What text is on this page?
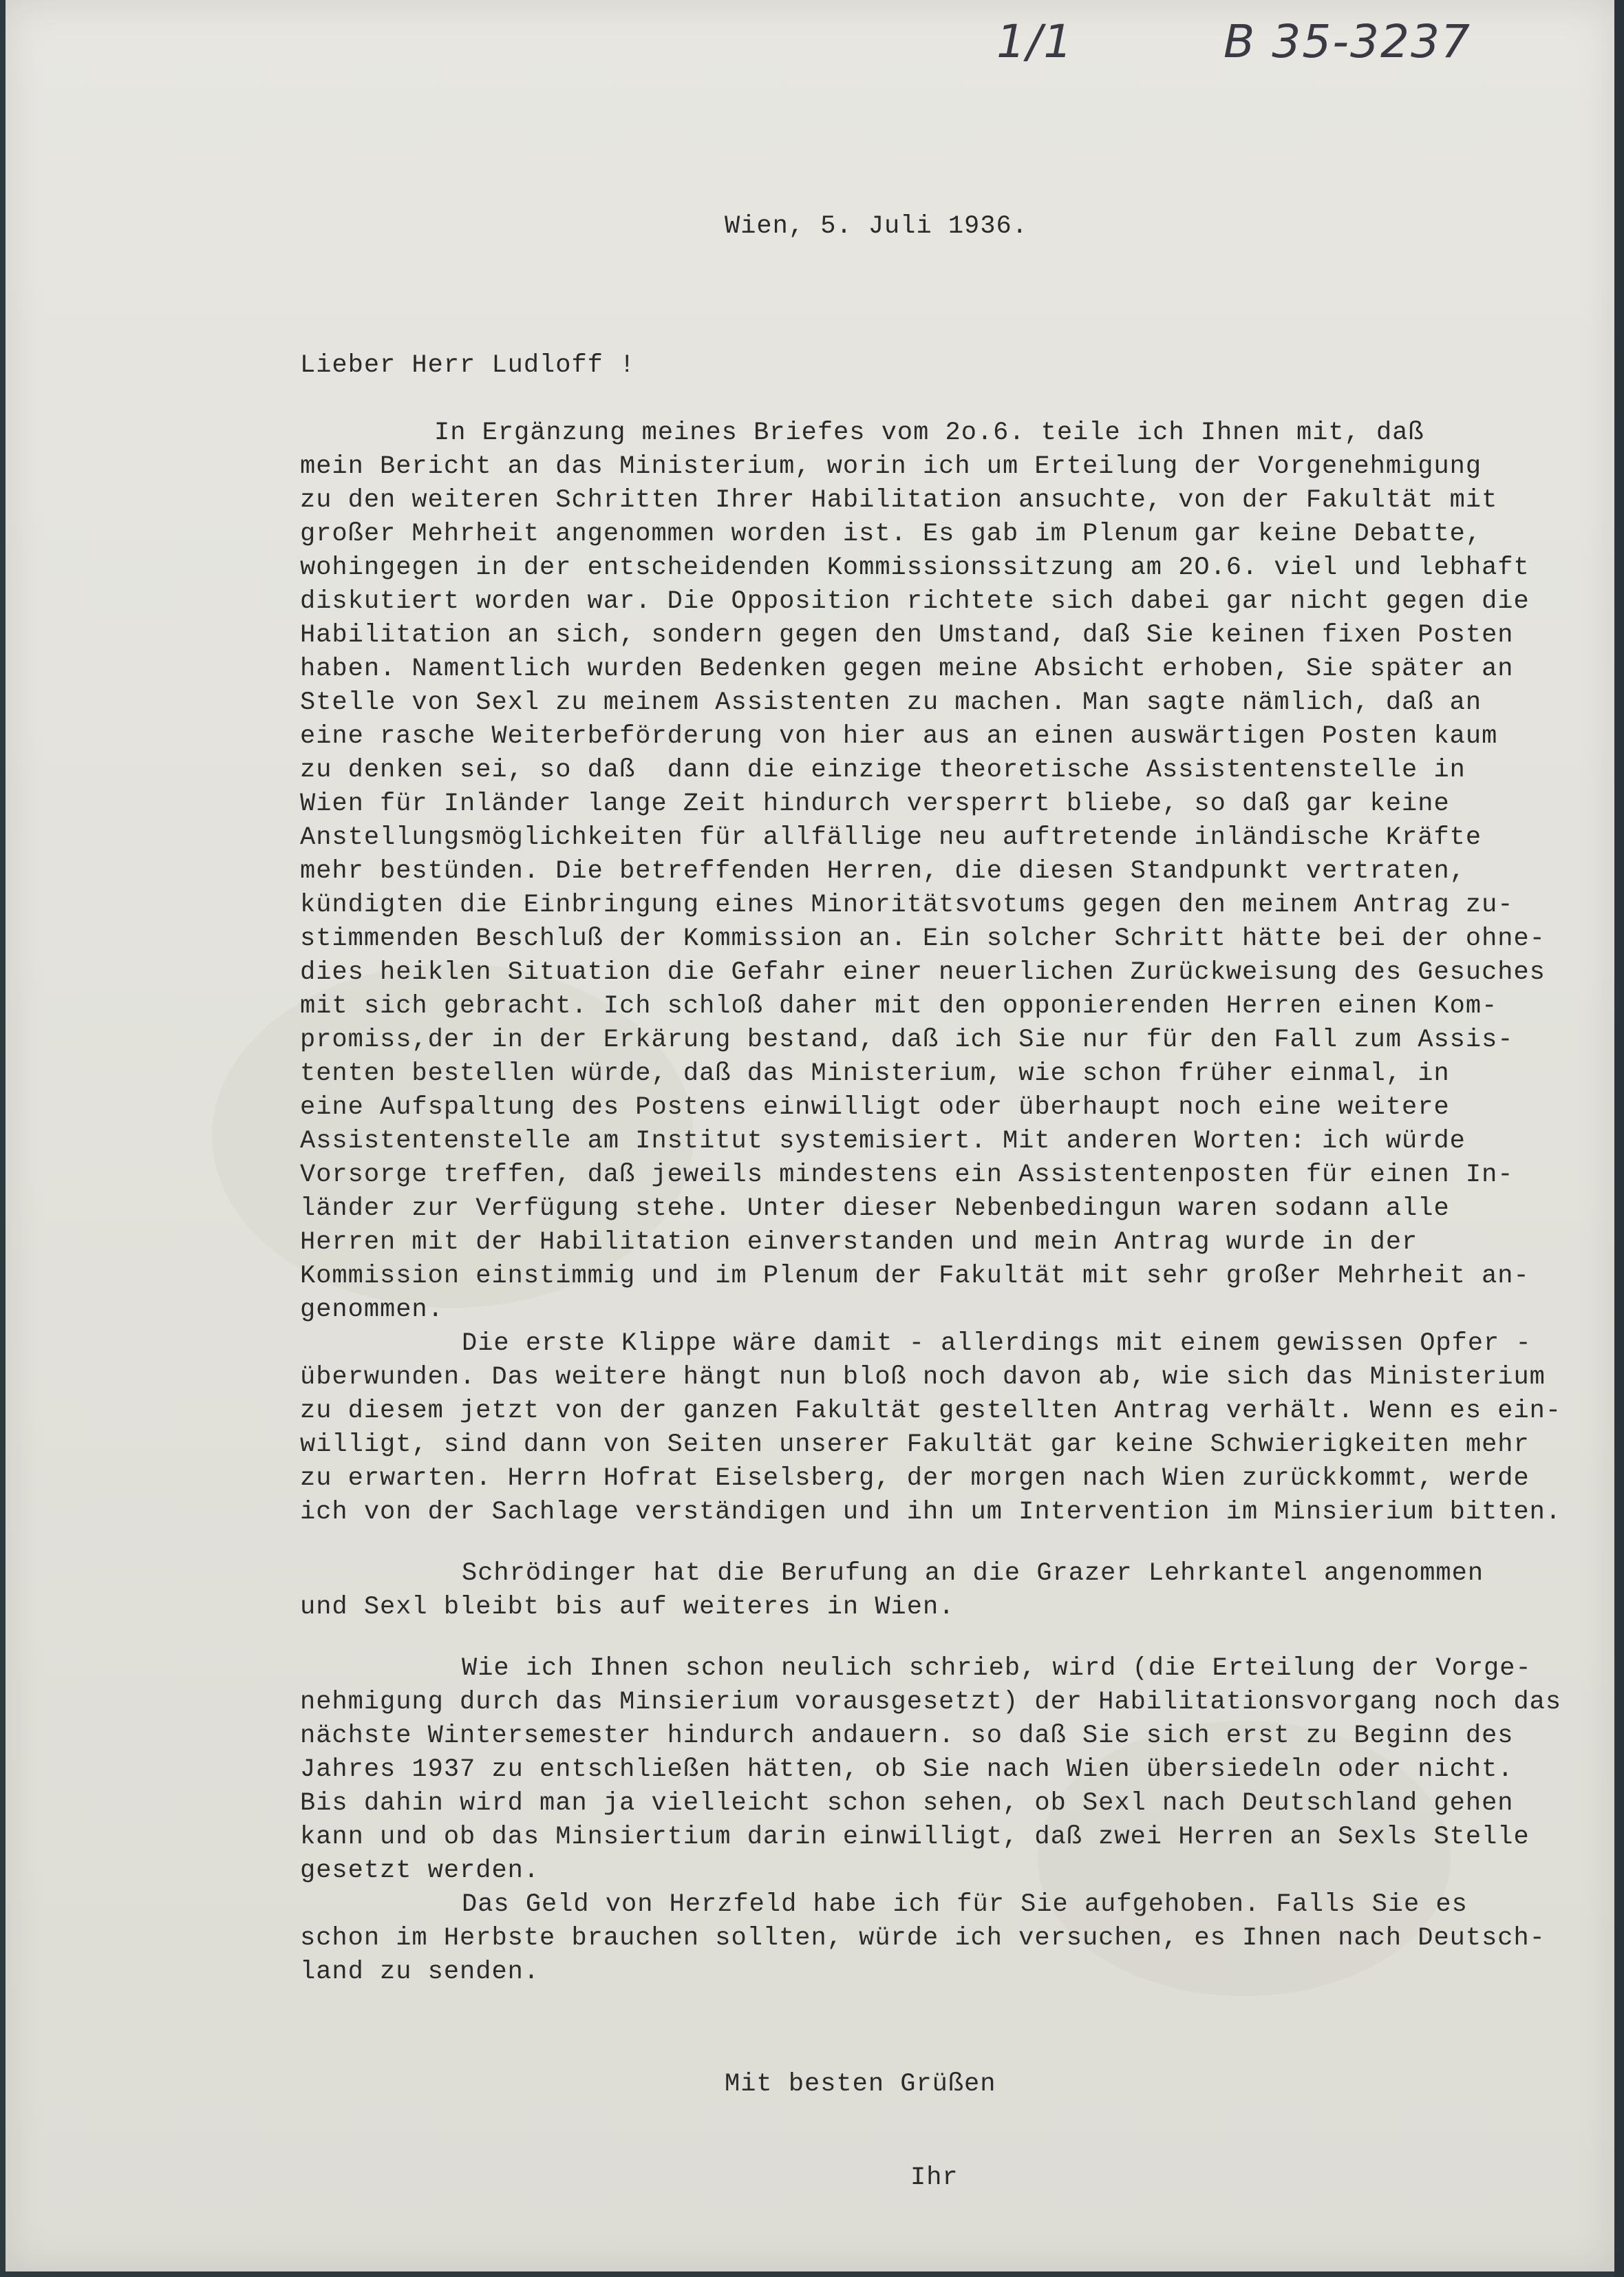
1/1	B 35-3237
Wien, 5. Juli 1936.
Lieber Herr Ludloff !
In Ergänzung meines Briefes vom 2o.6. teile ich Ihnen mit, daß
mein Bericht an das Ministerium, worin ich um Erteilung der Vorgenehmigung
zu den weiteren Schritten Ihrer Habilitation ansuchte, von der Fakultät mit
großer Mehrheit angenommen worden ist. Es gab im Plenum gar keine Debatte,
wohingegen in der entscheidenden Kommissionssitzung am 2O.6. viel und lebhaft
diskutiert worden war. Die Opposition richtete sich dabei gar nicht gegen die
Habilitation an sich, sondern gegen den Umstand, daß Sie keinen fixen Posten
haben. Namentlich wurden Bedenken gegen meine Absicht erhoben, Sie später an
Stelle von Sexl zu meinem Assistenten zu machen. Man sagte nämlich, daß an
eine rasche Weiterbeförderung von hier aus an einen auswärtigen Posten kaum
zu denken sei, so daß  dann die einzige theoretische Assistentenstelle in
Wien für Inländer lange Zeit hindurch versperrt bliebe, so daß gar keine
Anstellungsmöglichkeiten für allfällige neu auftretende inländische Kräfte
mehr bestünden. Die betreffenden Herren, die diesen Standpunkt vertraten,
kündigten die Einbringung eines Minoritätsvotums gegen den meinem Antrag zu-
stimmenden Beschluß der Kommission an. Ein solcher Schritt hätte bei der ohne-
dies heiklen Situation die Gefahr einer neuerlichen Zurückweisung des Gesuches
mit sich gebracht. Ich schloß daher mit den opponierenden Herren einen Kom-
promiss,der in der Erkärung bestand, daß ich Sie nur für den Fall zum Assis-
tenten bestellen würde, daß das Ministerium, wie schon früher einmal, in
eine Aufspaltung des Postens einwilligt oder überhaupt noch eine weitere
Assistentenstelle am Institut systemisiert. Mit anderen Worten: ich würde
Vorsorge treffen, daß jeweils mindestens ein Assistentenposten für einen In-
länder zur Verfügung stehe. Unter dieser Nebenbedingun waren sodann alle
Herren mit der Habilitation einverstanden und mein Antrag wurde in der
Kommission einstimmig und im Plenum der Fakultät mit sehr großer Mehrheit an-
genommen.
Die erste Klippe wäre damit - allerdings mit einem gewissen Opfer -
überwunden. Das weitere hängt nun bloß noch davon ab, wie sich das Ministerium
zu diesem jetzt von der ganzen Fakultät gestellten Antrag verhält. Wenn es ein-
willigt, sind dann von Seiten unserer Fakultät gar keine Schwierigkeiten mehr
zu erwarten. Herrn Hofrat Eiselsberg, der morgen nach Wien zurückkommt, werde
ich von der Sachlage verständigen und ihn um Intervention im Minsierium bitten.
Schrödinger hat die Berufung an die Grazer Lehrkantel angenommen
und Sexl bleibt bis auf weiteres in Wien.
Wie ich Ihnen schon neulich schrieb, wird (die Erteilung der Vorge-
nehmigung durch das Minsierium vorausgesetzt) der Habilitationsvorgang noch das
nächste Wintersemester hindurch andauern. so daß Sie sich erst zu Beginn des
Jahres 1937 zu entschließen hätten, ob Sie nach Wien übersiedeln oder nicht.
Bis dahin wird man ja vielleicht schon sehen, ob Sexl nach Deutschland gehen
kann und ob das Minsiertium darin einwilligt, daß zwei Herren an Sexls Stelle
gesetzt werden.
Das Geld von Herzfeld habe ich für Sie aufgehoben. Falls Sie es
schon im Herbste brauchen sollten, würde ich versuchen, es Ihnen nach Deutsch-
land zu senden.

Mit besten Grüßen

Ihr
